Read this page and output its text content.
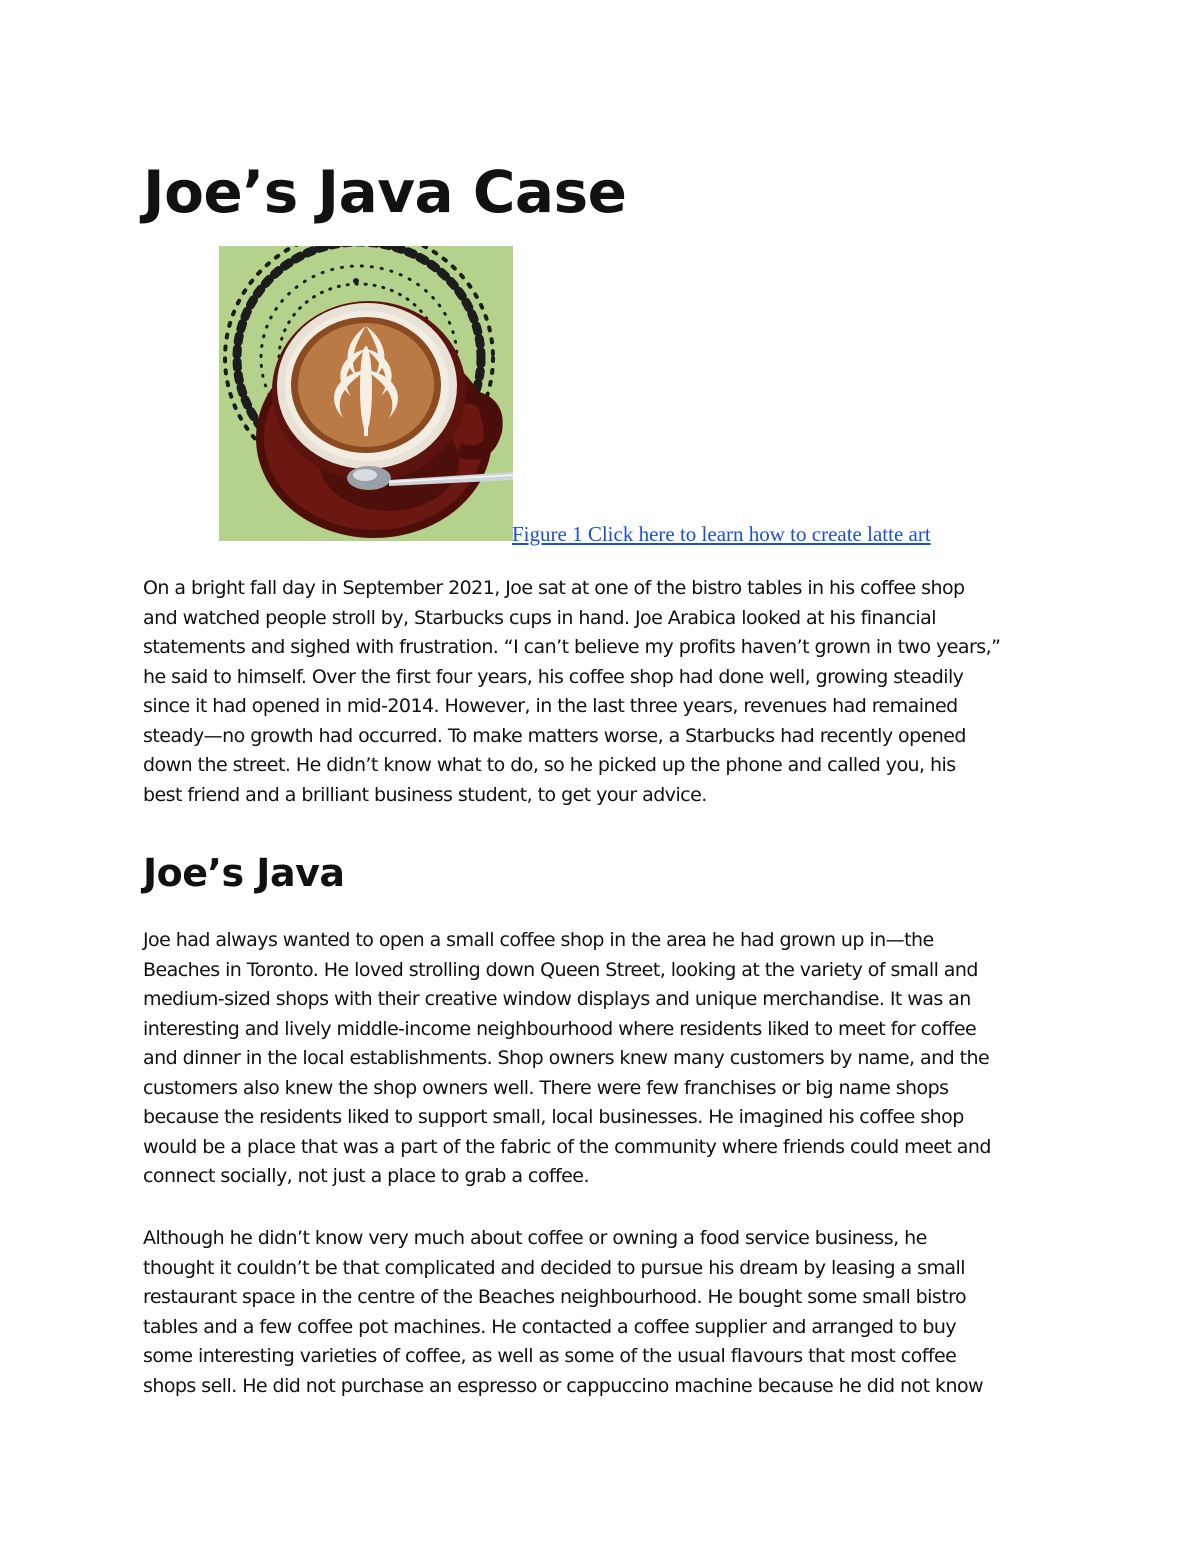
Joe’s Java Case
Figure 1 Click here to learn how to create latte art
On a bright fall day in September 2021, Joe sat at one of the bistro tables in his coffee shop
and watched people stroll by, Starbucks cups in hand. Joe Arabica looked at his financial
statements and sighed with frustration. “I can’t believe my profits haven’t grown in two years,”
he said to himself. Over the first four years, his coffee shop had done well, growing steadily
since it had opened in mid-2014. However, in the last three years, revenues had remained
steady—no growth had occurred. To make matters worse, a Starbucks had recently opened
down the street. He didn’t know what to do, so he picked up the phone and called you, his
best friend and a brilliant business student, to get your advice.
Joe’s Java
Joe had always wanted to open a small coffee shop in the area he had grown up in—the
Beaches in Toronto. He loved strolling down Queen Street, looking at the variety of small and
medium-sized shops with their creative window displays and unique merchandise. It was an
interesting and lively middle-income neighbourhood where residents liked to meet for coffee
and dinner in the local establishments. Shop owners knew many customers by name, and the
customers also knew the shop owners well. There were few franchises or big name shops
because the residents liked to support small, local businesses. He imagined his coffee shop
would be a place that was a part of the fabric of the community where friends could meet and
connect socially, not just a place to grab a coffee.
Although he didn’t know very much about coffee or owning a food service business, he
thought it couldn’t be that complicated and decided to pursue his dream by leasing a small
restaurant space in the centre of the Beaches neighbourhood. He bought some small bistro
tables and a few coffee pot machines. He contacted a coffee supplier and arranged to buy
some interesting varieties of coffee, as well as some of the usual flavours that most coffee
shops sell. He did not purchase an espresso or cappuccino machine because he did not know
